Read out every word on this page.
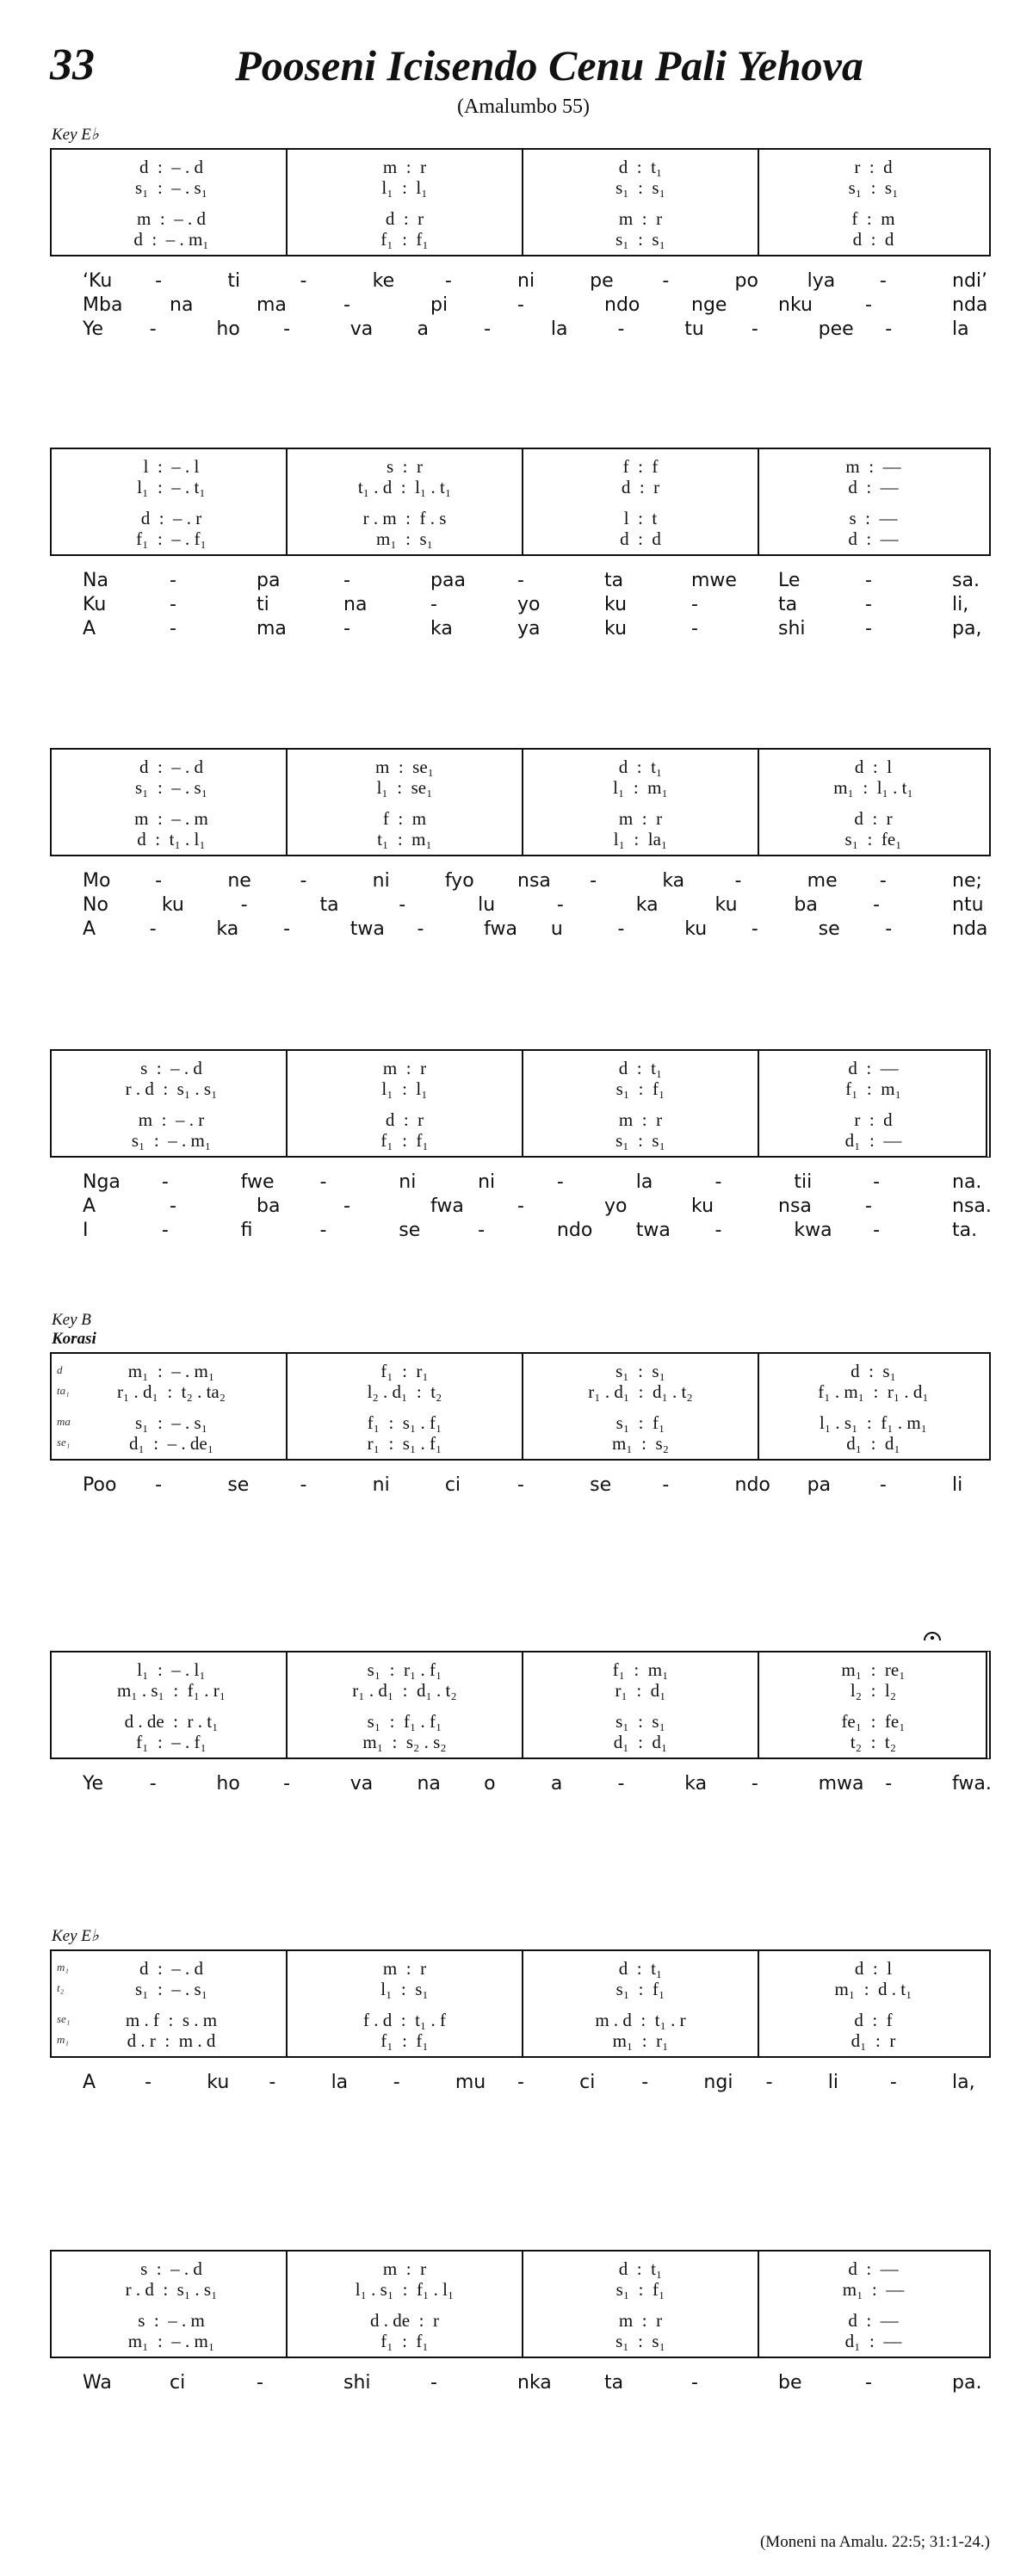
33	Pooseni Icisendo Cenu Pali Yehova
(Amalumbo 55)
Key E♭
d  :  – . d	m  :  r	d  :  t₁	r  :  d
s₁  :  – . s₁	l₁  :  l₁	s₁  :  s₁	s₁  :  s₁
m  :  – . d	d  :  r	m  :  r	f  :  m
d  :  – . m₁	f₁  :  f₁	s₁  :  s₁	d  :  d
‘Ku -	ti	-	ke	-	ni	pe	-	po	lya -	ndi’
Mba na	ma	-	pi	-	ndo	nge	nku	-	nda
Ye -	ho -	va a	-	la	-	tu	-	pee -	la
l  :  – . l	s  :  r	f  :  f	m  :  —
l₁  :  – . t₁	t₁ . d  :  l₁ . t₁	d  :  r	d  :  —
d  :  – . r	r . m  :  f . s	l  :  t	s  :  —
f₁  :  – . f₁	m₁  :  s₁	d  :  d	d  :  —
Na	-	pa	-	paa	-	ta	mwe Le	-	sa.
Ku	-	ti	na	-	yo	ku	-	ta	-	li,
A	-	ma	-	ka	ya	ku	-	shi	-	pa,
d  :  – . d	m  :  se₁	d  :  t₁	d  :  l
s₁  :  – . s₁	l₁  :  se₁	l₁  :  m₁	m₁  :  l₁ . t₁
m  :  – . m	f  :  m	m  :  r	d  :  r
d  :  t₁ . l₁	t₁  :  m₁	l₁  :  la₁	s₁  :  fe₁
Mo -	ne	-	ni	fyo nsa -	ka	-	me -	ne;
No	ku	-	ta	-	lu	-	ka	ku	ba	-	ntu
A	-	ka -	twa -	fwa u	-	ku -	se -	nda
s  :  – . d	m  :  r	d  :  t₁	d  :  —
r . d  :  s₁ . s₁	l₁  :  l₁	s₁  :  f₁	f₁  :  m₁
m  :  – . r	d  :  r	m  :  r	r  :  d
s₁  :  – . m₁	f₁  :  f₁	s₁  :  s₁	d₁  :  —
Nga -	fwe -	ni	ni	-	la	-	tii	-	na.
A	-	ba	-	fwa	-	yo	ku	nsa	-	nsa.
I	-	fi	-	se	-	ndo twa -	kwa -	ta.
Key B
Korasi
d
ta₁
ma
se₁
m₁  :  – . m₁	f₁  :  r₁	s₁  :  s₁	d  :  s₁
r₁ . d₁  :  t₂ . ta₂	l₂ . d₁  :  t₂	r₁ . d₁  :  d₁ . t₂	f₁ . m₁  :  r₁ . d₁
s₁  :  – . s₁	f₁  :  s₁ . f₁	s₁  :  f₁	l₁ . s₁  :  f₁ . m₁
d₁  :  – . de₁	r₁  :  s₁ . f₁	m₁  :  s₂	d₁  :  d₁
Poo -	se	-	ni	ci	-	se	-	ndo pa	-	li
l₁  :  – . l₁	s₁  :  r₁ . f₁	f₁  :  m₁	m₁  :  re₁
m₁ . s₁  :  f₁ . r₁	r₁ . d₁  :  d₁ . t₂	r₁  :  d₁	l₂  :  l₂
d . de  :  r . t₁	s₁  :  f₁ . f₁	s₁  :  s₁	fe₁  :  fe₁
f₁  :  – . f₁	m₁  :  s₂ . s₂	d₁  :  d₁	t₂  :  t₂
Ye -	ho -	va na o	a	-	ka -	mwa -	fwa.
Key E♭
m₁
t₂
se₁
m₁
d  :  – . d	m  :  r	d  :  t₁	d  :  l
s₁  :  – . s₁	l₁  :  s₁	s₁  :  f₁	m₁  :  d . t₁
m . f  :  s . m	f . d  :  t₁ . f	m . d  :  t₁ . r	d  :  f
d . r  :  m . d	f₁  :  f₁	m₁  :  r₁	d₁  :  r
A	-	ku -	la -	mu -	ci -	ngi -	li	-	la,
s  :  – . d	m  :  r	d  :  t₁	d  :  —
r . d  :  s₁ . s₁	l₁ . s₁  :  f₁ . l₁	s₁  :  f₁	m₁  :  —
s  :  – . m	d . de  :  r	m  :  r	d  :  —
m₁  :  – . m₁	f₁  :  f₁	s₁  :  s₁	d₁  :  —
Wa	ci	-	shi	-	nka	ta	-	be	-	pa.
(Moneni na Amalu. 22:5; 31:1-24.)
